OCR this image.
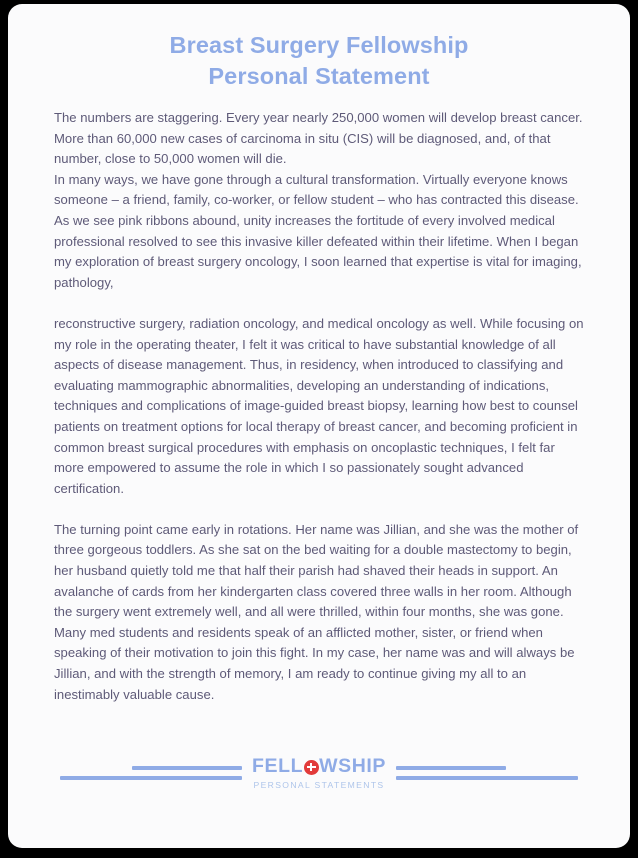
Breast Surgery Fellowship
Personal Statement

The numbers are staggering. Every year nearly 250,000 women will develop breast cancer. More than 60,000 new cases of carcinoma in situ (CIS) will be diagnosed, and, of that number, close to 50,000 women will die.
In many ways, we have gone through a cultural transformation. Virtually everyone knows someone – a friend, family, co-worker, or fellow student – who has contracted this disease. As we see pink ribbons abound, unity increases the fortitude of every involved medical professional resolved to see this invasive killer defeated within their lifetime. When I began my exploration of breast surgery oncology, I soon learned that expertise is vital for imaging, pathology,

reconstructive surgery, radiation oncology, and medical oncology as well. While focusing on my role in the operating theater, I felt it was critical to have substantial knowledge of all aspects of disease management. Thus, in residency, when introduced to classifying and evaluating mammographic abnormalities, developing an understanding of indications, techniques and complications of image-guided breast biopsy, learning how best to counsel patients on treatment options for local therapy of breast cancer, and becoming proficient in common breast surgical procedures with emphasis on oncoplastic techniques, I felt far more empowered to assume the role in which I so passionately sought advanced certification.

The turning point came early in rotations. Her name was Jillian, and she was the mother of three gorgeous toddlers. As she sat on the bed waiting for a double mastectomy to begin, her husband quietly told me that half their parish had shaved their heads in support. An avalanche of cards from her kindergarten class covered three walls in her room. Although the surgery went extremely well, and all were thrilled, within four months, she was gone. Many med students and residents speak of an afflicted mother, sister, or friend when speaking of their motivation to join this fight. In my case, her name was and will always be Jillian, and with the strength of memory, I am ready to continue giving my all to an inestimably valuable cause.

FELL WSHIP
PERSONAL STATEMENTS
